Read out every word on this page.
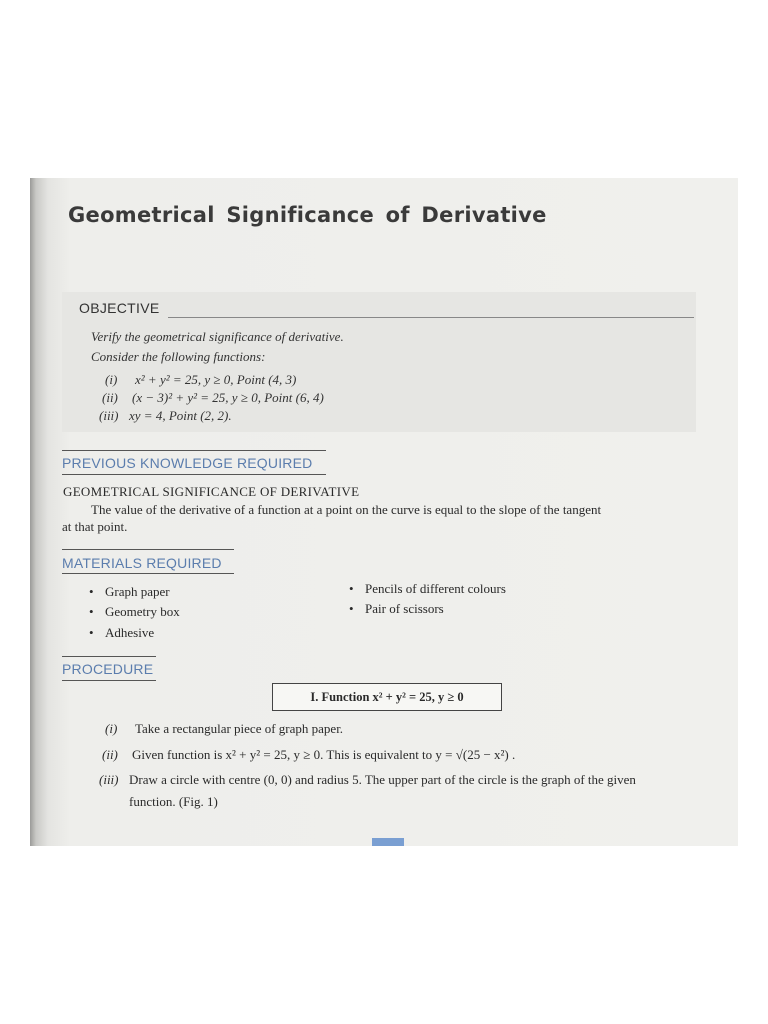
Geometrical Significance of Derivative
OBJECTIVE
Verify the geometrical significance of derivative.
Consider the following functions:
(i) x² + y² = 25, y ≥ 0, Point (4, 3)
(ii) (x − 3)² + y² = 25, y ≥ 0, Point (6, 4)
(iii) xy = 4, Point (2, 2).
PREVIOUS KNOWLEDGE REQUIRED
GEOMETRICAL SIGNIFICANCE OF DERIVATIVE
The value of the derivative of a function at a point on the curve is equal to the slope of the tangent
at that point.
MATERIALS REQUIRED
• Graph paper
• Geometry box
• Adhesive
• Pencils of different colours
• Pair of scissors
PROCEDURE
I. Function x² + y² = 25, y ≥ 0
(i) Take a rectangular piece of graph paper.
(ii) Given function is x² + y² = 25, y ≥ 0. This is equivalent to y = √(25 − x²) .
(iii) Draw a circle with centre (0, 0) and radius 5. The upper part of the circle is the graph of the given
function. (Fig. 1)
